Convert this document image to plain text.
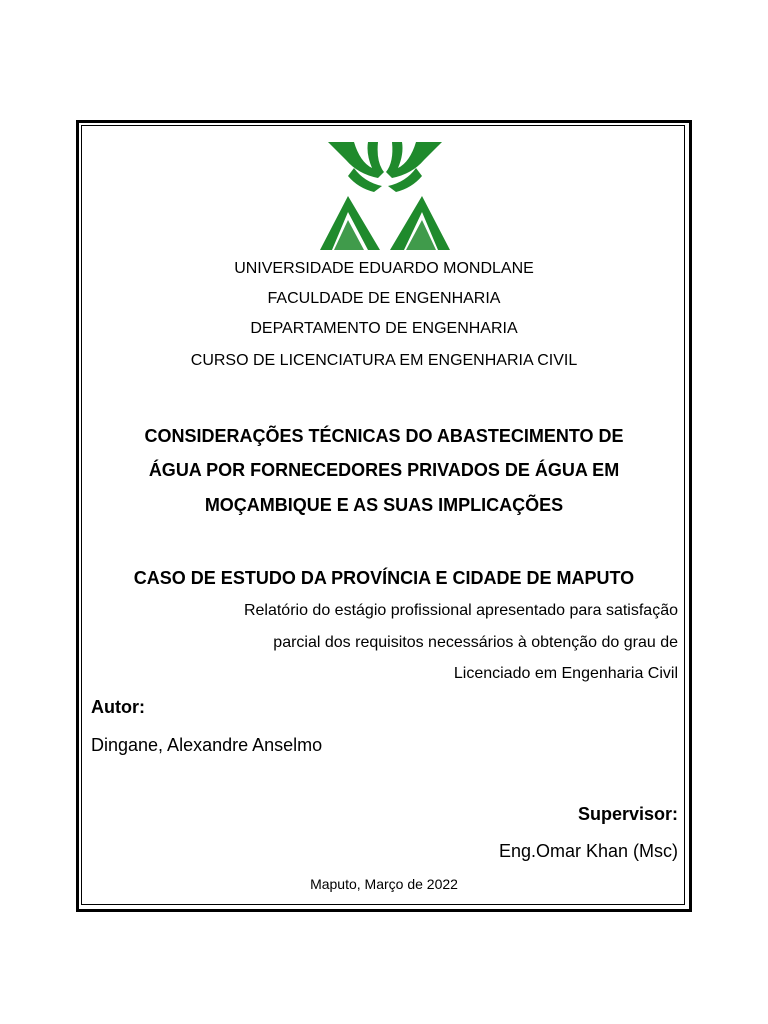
UNIVERSIDADE EDUARDO MONDLANE
FACULDADE DE ENGENHARIA
DEPARTAMENTO DE ENGENHARIA
CURSO DE LICENCIATURA EM ENGENHARIA CIVIL
CONSIDERAÇÕES TÉCNICAS DO ABASTECIMENTO DE
ÁGUA POR FORNECEDORES PRIVADOS DE ÁGUA EM
MOÇAMBIQUE E AS SUAS IMPLICAÇÕES
CASO DE ESTUDO DA PROVÍNCIA E CIDADE DE MAPUTO
Relatório do estágio profissional apresentado para satisfação
parcial dos requisitos necessários à obtenção do grau de
Licenciado em Engenharia Civil
Autor:
Dingane, Alexandre Anselmo
Supervisor:
Eng.Omar Khan (Msc)
Maputo, Março de 2022
